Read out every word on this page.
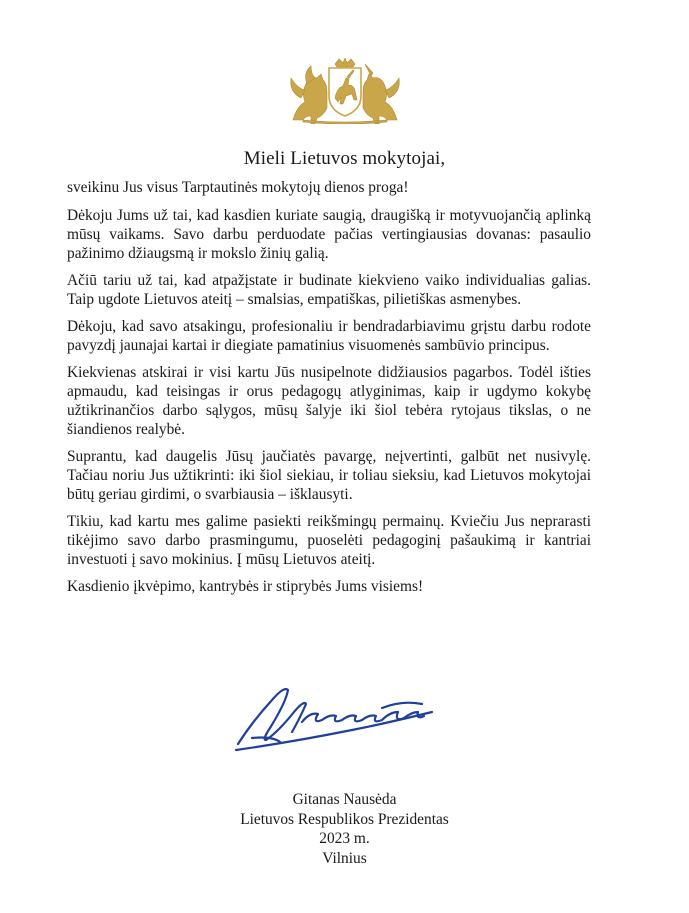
Mieli Lietuvos mokytojai,

sveikinu Jus visus Tarptautinės mokytojų dienos proga!

Dėkoju Jums už tai, kad kasdien kuriate saugią, draugišką ir motyvuojančią aplinką mūsų vaikams. Savo darbu perduodate pačias vertingiausias dovanas: pasaulio pažinimo džiaugsmą ir mokslo žinių galią.

Ačiū tariu už tai, kad atpažįstate ir budinate kiekvieno vaiko individualias galias. Taip ugdote Lietuvos ateitį – smalsias, empatiškas, pilietiškas asmenybes.

Dėkoju, kad savo atsakingu, profesionaliu ir bendradarbiavimu grįstu darbu rodote pavyzdį jaunajai kartai ir diegiate pamatinius visuomenės sambūvio principus.

Kiekvienas atskirai ir visi kartu Jūs nusipelnote didžiausios pagarbos. Todėl išties apmaudu, kad teisingas ir orus pedagogų atlyginimas, kaip ir ugdymo kokybę užtikrinančios darbo sąlygos, mūsų šalyje iki šiol tebėra rytojaus tikslas, o ne šiandienos realybė.

Suprantu, kad daugelis Jūsų jaučiatės pavargę, neįvertinti, galbūt net nusivylę. Tačiau noriu Jus užtikrinti: iki šiol siekiau, ir toliau sieksiu, kad Lietuvos mokytojai būtų geriau girdimi, o svarbiausia – išklausyti.

Tikiu, kad kartu mes galime pasiekti reikšmingų permainų. Kviečiu Jus neprarasti tikėjimo savo darbo prasmingumu, puoselėti pedagoginį pašaukimą ir kantriai investuoti į savo mokinius. Į mūsų Lietuvos ateitį.

Kasdienio įkvėpimo, kantrybės ir stiprybės Jums visiems!

Gitanas Nausėda
Lietuvos Respublikos Prezidentas
2023 m.
Vilnius
